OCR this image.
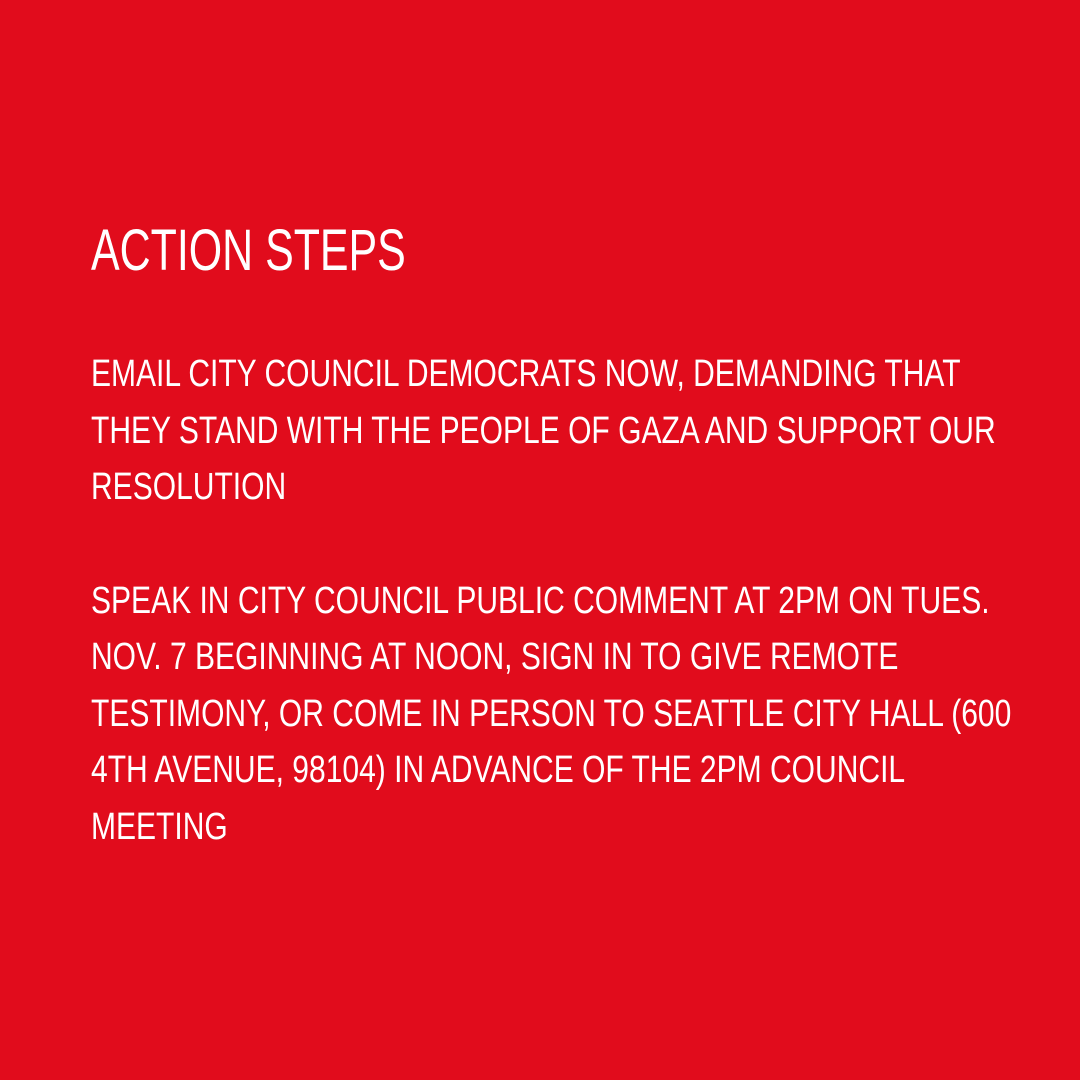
ACTION STEPS
EMAIL CITY COUNCIL DEMOCRATS NOW, DEMANDING THAT
THEY STAND WITH THE PEOPLE OF GAZA AND SUPPORT OUR
RESOLUTION
SPEAK IN CITY COUNCIL PUBLIC COMMENT AT 2PM ON TUES.
NOV. 7 BEGINNING AT NOON, SIGN IN TO GIVE REMOTE
TESTIMONY, OR COME IN PERSON TO SEATTLE CITY HALL (600
4TH AVENUE, 98104) IN ADVANCE OF THE 2PM COUNCIL
MEETING
